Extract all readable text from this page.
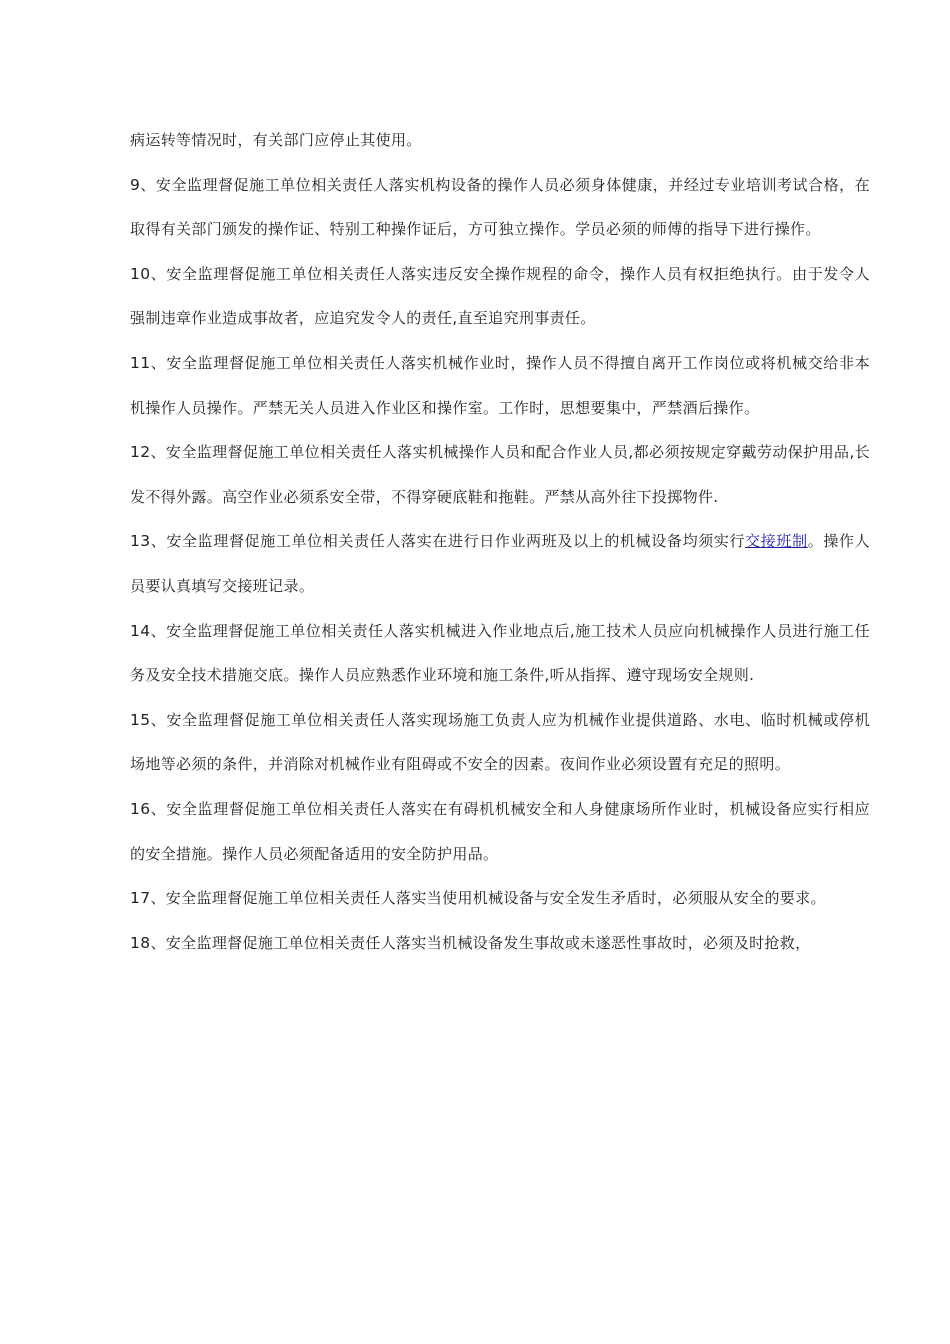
病运转等情况时，有关部门应停止其使用。

9、安全监理督促施工单位相关责任人落实机构设备的操作人员必须身体健康，并经过专业培训考试合格，在取得有关部门颁发的操作证、特别工种操作证后，方可独立操作。学员必须的师傅的指导下进行操作。

10、安全监理督促施工单位相关责任人落实违反安全操作规程的命令，操作人员有权拒绝执行。由于发令人强制违章作业造成事故者，应追究发令人的责任,直至追究刑事责任。

11、安全监理督促施工单位相关责任人落实机械作业时，操作人员不得擅自离开工作岗位或将机械交给非本机操作人员操作。严禁无关人员进入作业区和操作室。工作时，思想要集中，严禁酒后操作。

12、安全监理督促施工单位相关责任人落实机械操作人员和配合作业人员,都必须按规定穿戴劳动保护用品,长发不得外露。高空作业必须系安全带，不得穿硬底鞋和拖鞋。严禁从高外往下投掷物件.

13、安全监理督促施工单位相关责任人落实在进行日作业两班及以上的机械设备均须实行交接班制。操作人员要认真填写交接班记录。

14、安全监理督促施工单位相关责任人落实机械进入作业地点后,施工技术人员应向机械操作人员进行施工任务及安全技术措施交底。操作人员应熟悉作业环境和施工条件,听从指挥、遵守现场安全规则.

15、安全监理督促施工单位相关责任人落实现场施工负责人应为机械作业提供道路、水电、临时机械或停机场地等必须的条件，并消除对机械作业有阻碍或不安全的因素。夜间作业必须设置有充足的照明。

16、安全监理督促施工单位相关责任人落实在有碍机机械安全和人身健康场所作业时，机械设备应实行相应的安全措施。操作人员必须配备适用的安全防护用品。

17、安全监理督促施工单位相关责任人落实当使用机械设备与安全发生矛盾时，必须服从安全的要求。

18、安全监理督促施工单位相关责任人落实当机械设备发生事故或未遂恶性事故时，必须及时抢救，
